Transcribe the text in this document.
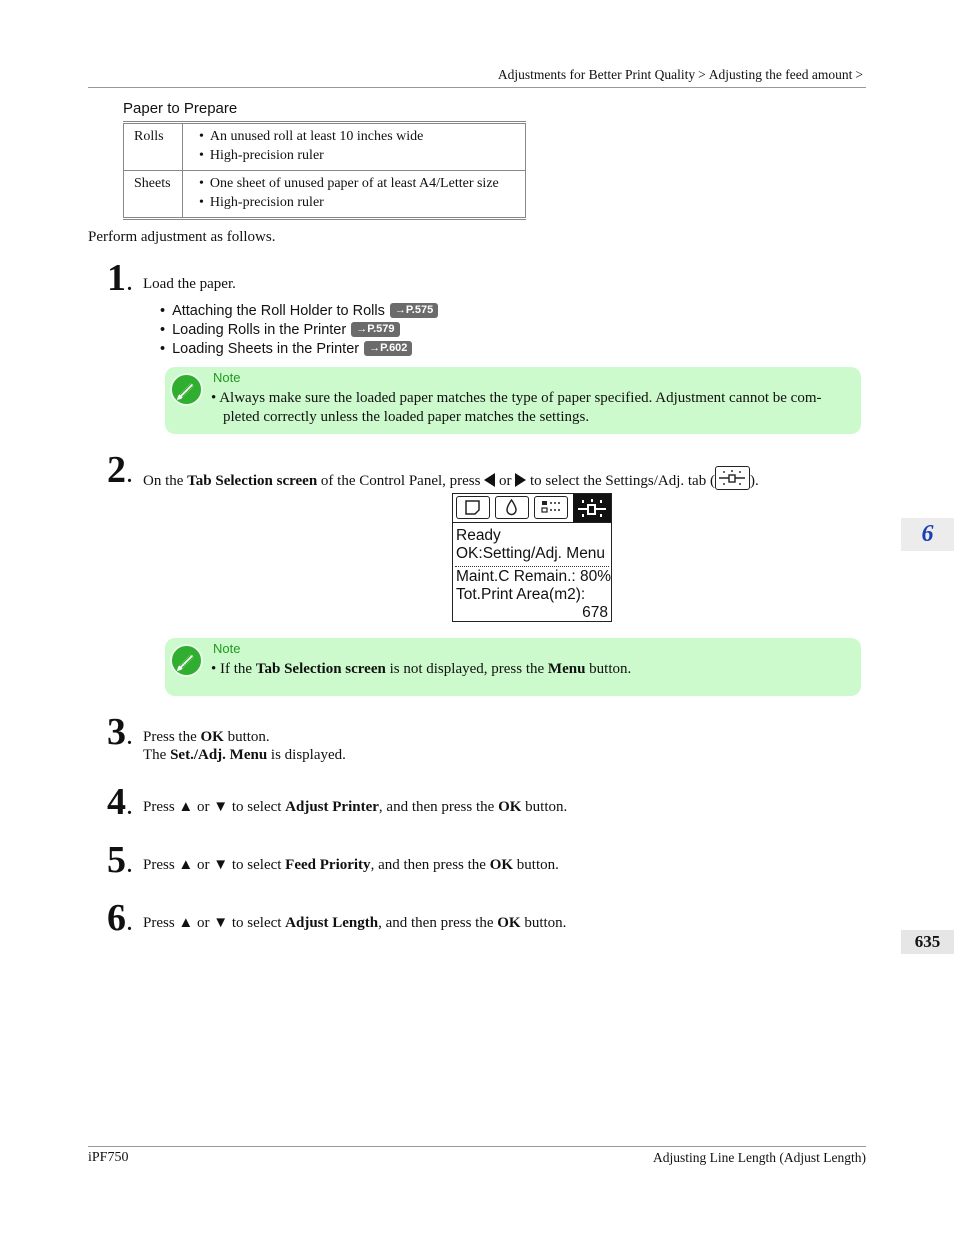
Adjustments for Better Print Quality > Adjusting the feed amount >
6
635
Paper to Prepare
Rolls	• An unused roll at least 10 inches wide
• High-precision ruler

Sheets	• One sheet of unused paper of at least A4/Letter size
• High-precision ruler
Perform adjustment as follows.
1. Load the paper.
• Attaching the Roll Holder to Rolls →P.575
• Loading Rolls in the Printer →P.579
• Loading Sheets in the Printer →P.602
Note
• Always make sure the loaded paper matches the type of paper specified. Adjustment cannot be completed correctly unless the loaded paper matches the settings.
2. On the Tab Selection screen of the Control Panel, press  or  to select the Settings/Adj. tab ( ).
Ready
OK:Setting/Adj. Menu
Maint.C Remain.: 80%
Tot.Print Area(m2):
678
Note
• If the Tab Selection screen is not displayed, press the Menu button.
3. Press the OK button.
The Set./Adj. Menu is displayed.
4. Press ▲ or ▼ to select Adjust Printer, and then press the OK button.
5. Press ▲ or ▼ to select Feed Priority, and then press the OK button.
6. Press ▲ or ▼ to select Adjust Length, and then press the OK button.
iPF750	Adjusting Line Length (Adjust Length)
